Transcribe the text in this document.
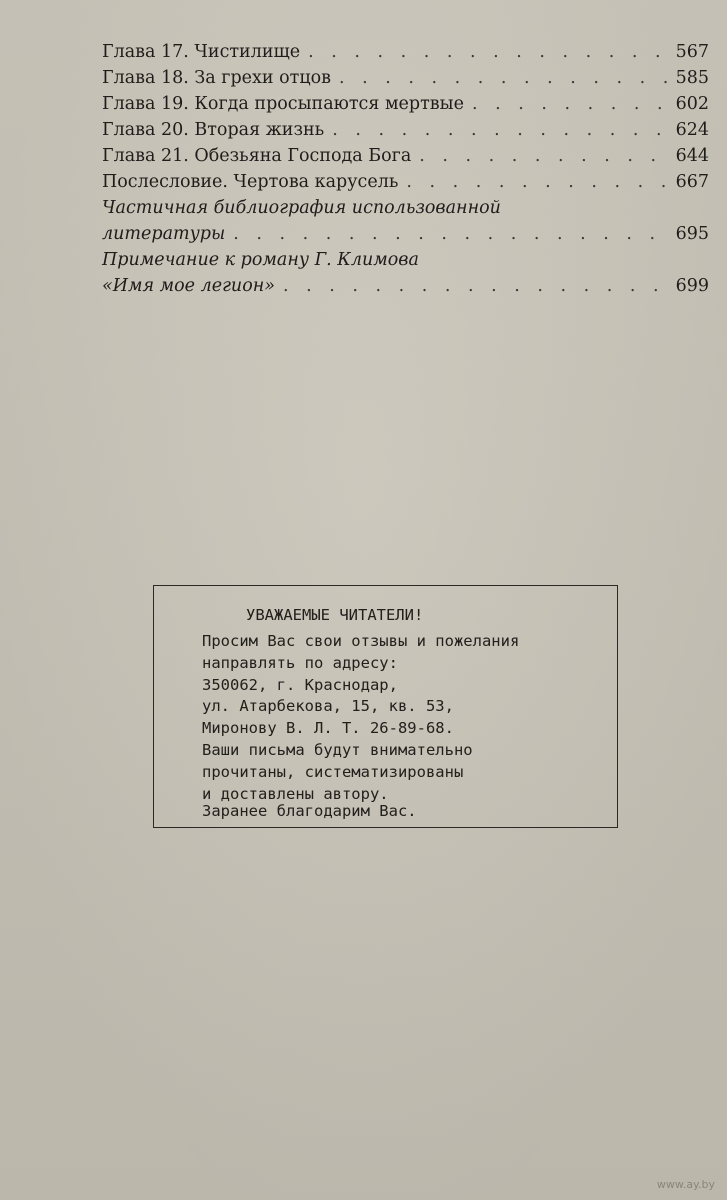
Глава 17. Чистилище . . .	567
Глава 18. За грехи отцов . . .	585
Глава 19. Когда просыпаются мертвые . . .	602
Глава 20. Вторая жизнь . . .	624
Глава 21. Обезьяна Господа Бога . . .	644
Послесловие. Чертова карусель . . .	667
Частичная библиография использованной
литературы . . .	695
Примечание к роману Г. Климова
«Имя мое легион» . . .	699
УВАЖАЕМЫЕ ЧИТАТЕЛИ!
Просим Вас свои отзывы и пожелания
направлять по адресу:
350062, г. Краснодар,
ул. Атарбекова, 15, кв. 53,
Миронову В. Л. Т. 26-89-68.
Ваши письма будут внимательно
прочитаны, систематизированы
и доставлены автору.
Заранее благодарим Вас.
www.ay.by
